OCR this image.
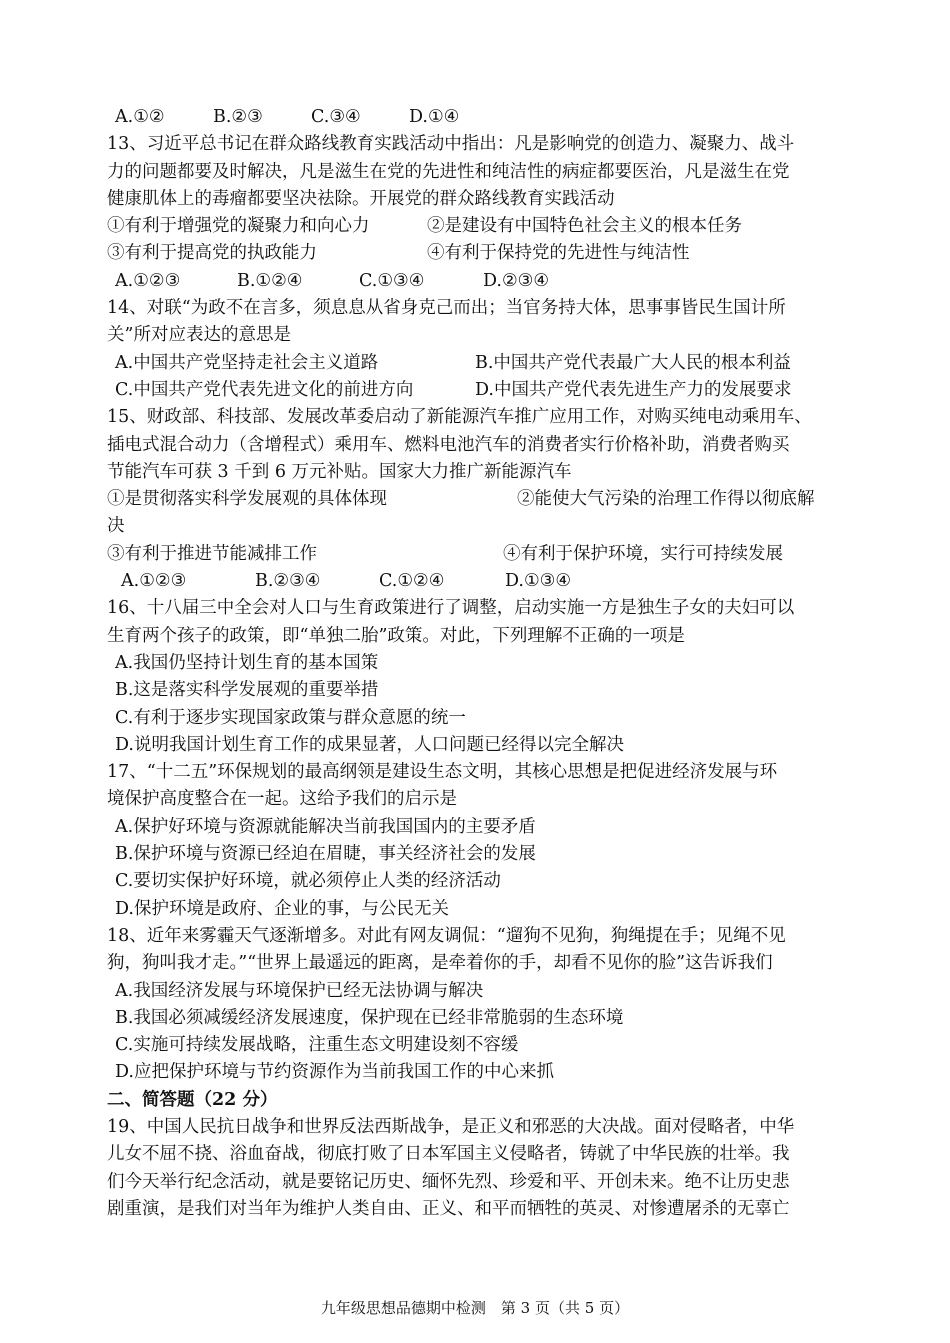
A.①②	B.②③	C.③④	D.①④
13、习近平总书记在群众路线教育实践活动中指出：凡是影响党的创造力、凝聚力、战斗
力的问题都要及时解决，凡是滋生在党的先进性和纯洁性的病症都要医治，凡是滋生在党
健康肌体上的毒瘤都要坚决祛除。开展党的群众路线教育实践活动
①有利于增强党的凝聚力和向心力	②是建设有中国特色社会主义的根本任务
③有利于提高党的执政能力	④有利于保持党的先进性与纯洁性
A.①②③	B.①②④	C.①③④	D.②③④
14、对联“为政不在言多，须息息从省身克己而出；当官务持大体，思事事皆民生国计所
关”所对应表达的意思是
A.中国共产党坚持走社会主义道路	B.中国共产党代表最广大人民的根本利益
C.中国共产党代表先进文化的前进方向	D.中国共产党代表先进生产力的发展要求
15、财政部、科技部、发展改革委启动了新能源汽车推广应用工作，对购买纯电动乘用车、
插电式混合动力（含增程式）乘用车、燃料电池汽车的消费者实行价格补助，消费者购买
节能汽车可获 3 千到 6 万元补贴。国家大力推广新能源汽车
①是贯彻落实科学发展观的具体体现	②能使大气污染的治理工作得以彻底解
决
③有利于推进节能减排工作	④有利于保护环境，实行可持续发展
A.①②③	B.②③④	C.①②④	D.①③④
16、十八届三中全会对人口与生育政策进行了调整，启动实施一方是独生子女的夫妇可以
生育两个孩子的政策，即“单独二胎”政策。对此，下列理解不正确的一项是
A.我国仍坚持计划生育的基本国策
B.这是落实科学发展观的重要举措
C.有利于逐步实现国家政策与群众意愿的统一
D.说明我国计划生育工作的成果显著，人口问题已经得以完全解决
17、“十二五”环保规划的最高纲领是建设生态文明，其核心思想是把促进经济发展与环
境保护高度整合在一起。这给予我们的启示是
A.保护好环境与资源就能解决当前我国国内的主要矛盾
B.保护环境与资源已经迫在眉睫，事关经济社会的发展
C.要切实保护好环境，就必须停止人类的经济活动
D.保护环境是政府、企业的事，与公民无关
18、近年来雾霾天气逐渐增多。对此有网友调侃：“遛狗不见狗，狗绳提在手；见绳不见
狗，狗叫我才走。”“世界上最遥远的距离，是牵着你的手，却看不见你的脸”这告诉我们
A.我国经济发展与环境保护已经无法协调与解决
B.我国必须减缓经济发展速度，保护现在已经非常脆弱的生态环境
C.实施可持续发展战略，注重生态文明建设刻不容缓
D.应把保护环境与节约资源作为当前我国工作的中心来抓
二、简答题（22 分）
19、中国人民抗日战争和世界反法西斯战争，是正义和邪恶的大决战。面对侵略者，中华
儿女不屈不挠、浴血奋战，彻底打败了日本军国主义侵略者，铸就了中华民族的壮举。我
们今天举行纪念活动，就是要铭记历史、缅怀先烈、珍爱和平、开创未来。绝不让历史悲
剧重演，是我们对当年为维护人类自由、正义、和平而牺牲的英灵、对惨遭屠杀的无辜亡
九年级思想品德期中检测　第 3 页（共 5 页）
